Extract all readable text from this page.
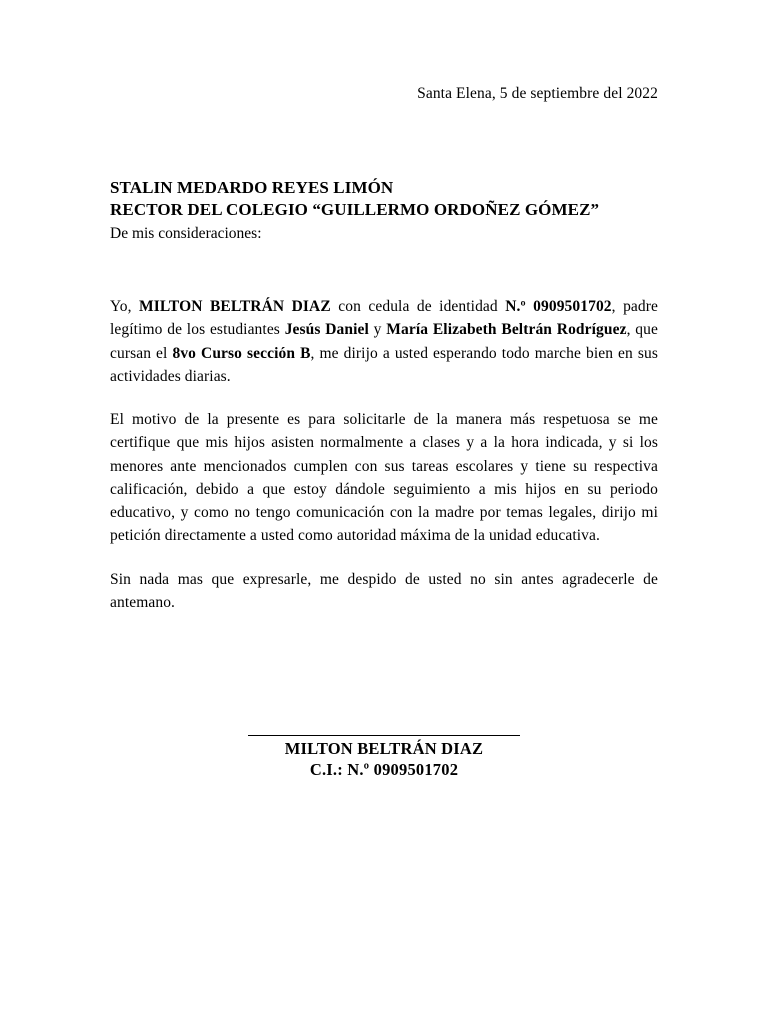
Santa Elena, 5 de septiembre del 2022
STALIN MEDARDO REYES LIMÓN
RECTOR DEL COLEGIO “GUILLERMO ORDOÑEZ GÓMEZ”
De mis consideraciones:

Yo, MILTON BELTRÁN DIAZ con cedula de identidad N.º 0909501702, padre legítimo de los estudiantes Jesús Daniel y María Elizabeth Beltrán Rodríguez, que cursan el 8vo Curso sección B, me dirijo a usted esperando todo marche bien en sus actividades diarias.

El motivo de la presente es para solicitarle de la manera más respetuosa se me certifique que mis hijos asisten normalmente a clases y a la hora indicada, y si los menores ante mencionados cumplen con sus tareas escolares y tiene su respectiva calificación, debido a que estoy dándole seguimiento a mis hijos en su periodo educativo, y como no tengo comunicación con la madre por temas legales, dirijo mi petición directamente a usted como autoridad máxima de la unidad educativa.

Sin nada mas que expresarle, me despido de usted no sin antes agradecerle de antemano.

MILTON BELTRÁN DIAZ
C.I.: N.º 0909501702
